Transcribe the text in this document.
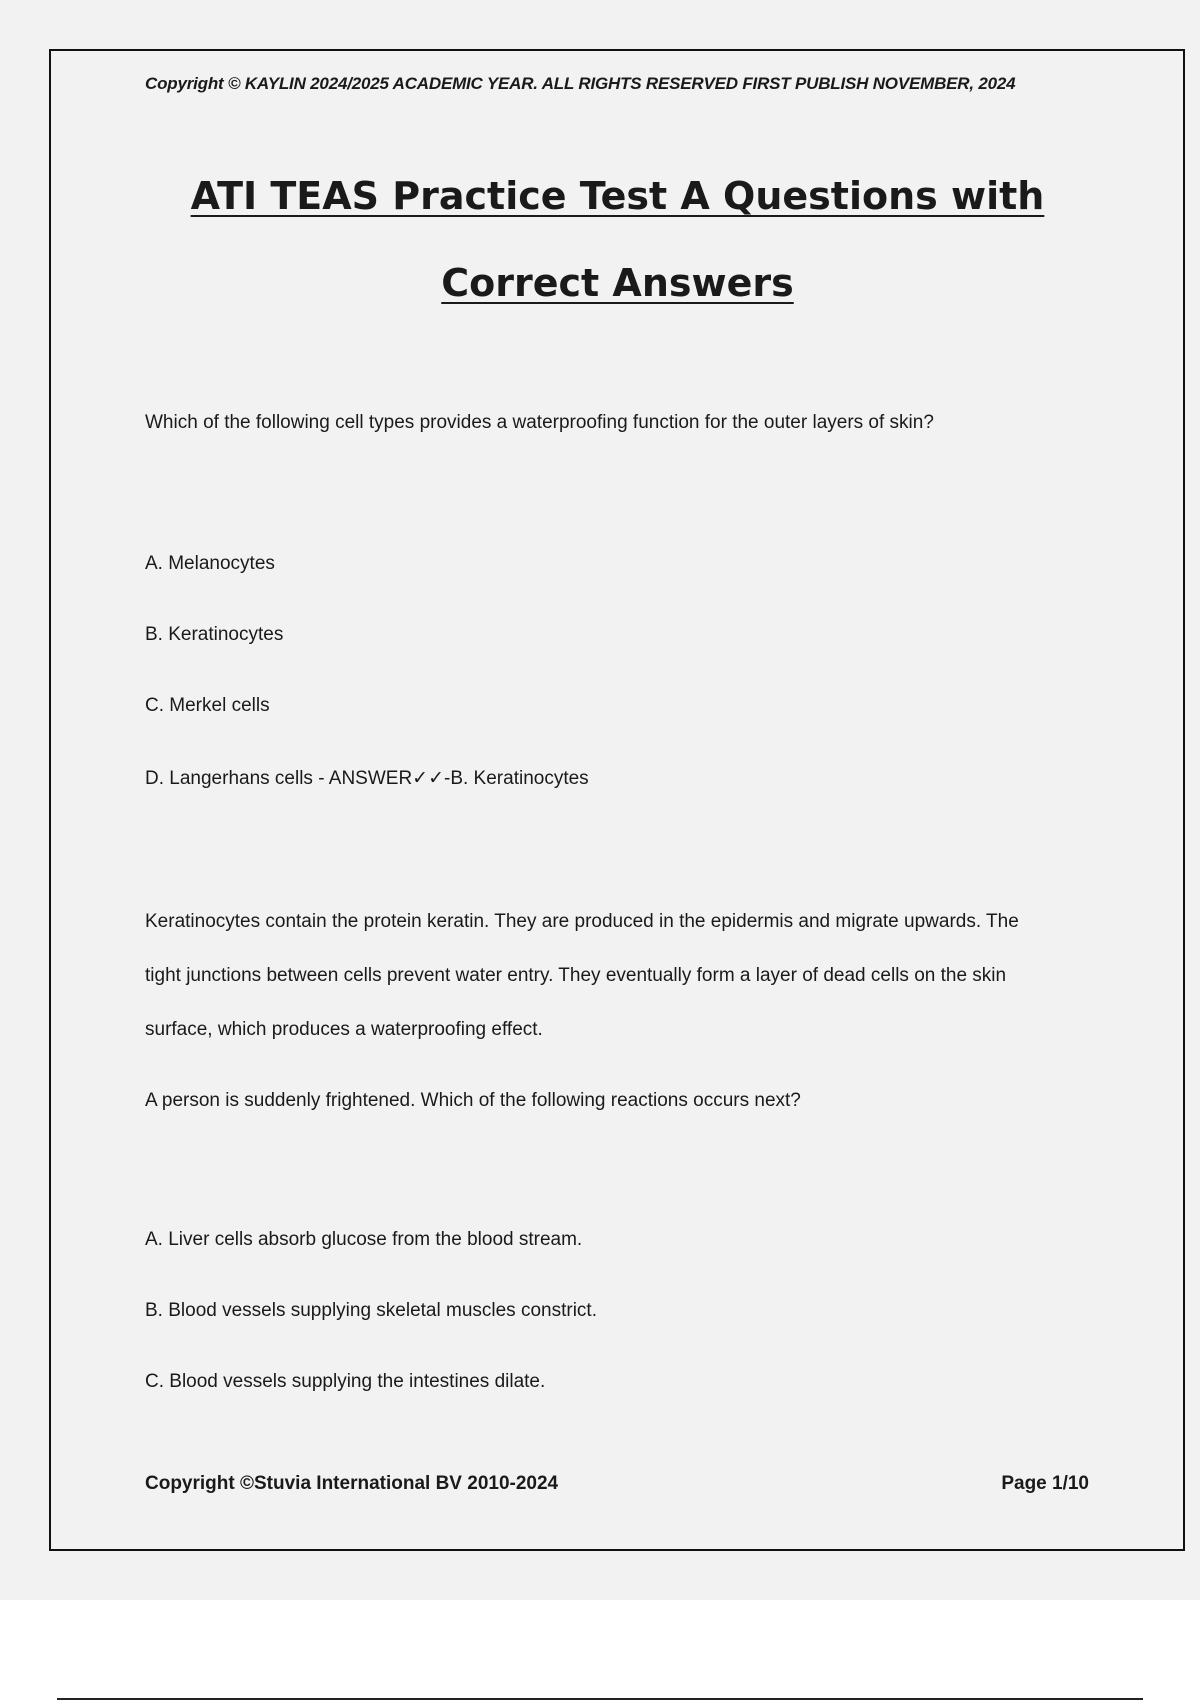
Copyright © KAYLIN 2024/2025 ACADEMIC YEAR. ALL RIGHTS RESERVED FIRST PUBLISH NOVEMBER, 2024
ATI TEAS Practice Test A Questions with
Correct Answers
Which of the following cell types provides a waterproofing function for the outer layers of skin?
A. Melanocytes
B. Keratinocytes
C. Merkel cells
D. Langerhans cells - ANSWER✓✓-B. Keratinocytes
Keratinocytes contain the protein keratin. They are produced in the epidermis and migrate upwards. The
tight junctions between cells prevent water entry. They eventually form a layer of dead cells on the skin
surface, which produces a waterproofing effect.
A person is suddenly frightened. Which of the following reactions occurs next?
A. Liver cells absorb glucose from the blood stream.
B. Blood vessels supplying skeletal muscles constrict.
C. Blood vessels supplying the intestines dilate.
Copyright ©Stuvia International BV 2010-2024	Page 1/10
